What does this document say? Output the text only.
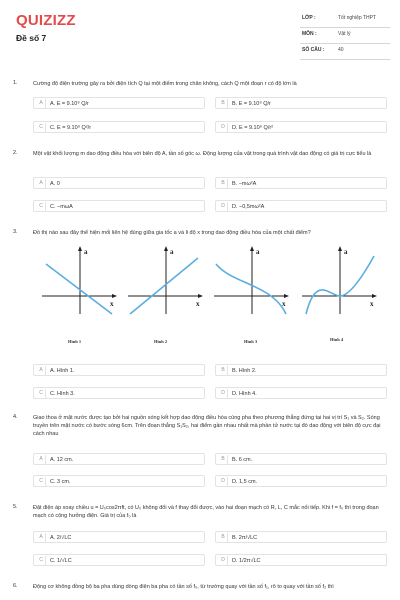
QUIZIZZ
Đề số 7
LỚP :	Tốt nghiệp THPT
MÔN :	Vật lý
SỐ CÂU :	40
1.	Cường độ điện trường gây ra bởi điện tích Q tại một điểm trong chân không, cách Q một đoạn r có độ lớn là
A	A. E = 9.10⁹ Q/r	B	B. E = 9.10⁹ Q/r
C	C. E = 9.10⁹ Q²/r	D	D. E = 9.10⁹ Q/r²
2.	Một vật khối lượng m dao động điều hòa với biên độ A, tần số góc ω. Động lượng của vật trong quá trình vật dao động có giá trị cực tiểu là
A	A. 0	B	B. −mω²A
C	C. −mωA	D	D. −0,5mω²A
3.	Đồ thị nào sau đây thể hiện mối liên hệ đúng giữa gia tốc a và li độ x trong dao động điều hòa của một chất điểm?
a
x
Hình 1
a
x
Hình 2
a
x
Hình 3
a
x
Hình 4
A	A. Hình 1.	B	B. Hình 2.
C	C. Hình 3.	D	D. Hình 4.
4.	Giao thoa ở mặt nước được tạo bởi hai nguồn sóng kết hợp dao động điều hòa cùng pha theo phương thẳng đứng tại hai vị trí S₁ và S₂. Sóng truyền trên mặt nước có bước sóng 6cm. Trên đoạn thẳng S₁S₂, hai điểm gần nhau nhất mà phần tử nước tại đó dao động với biên độ cực đại cách nhau
A	A. 12 cm.	B	B. 6 cm.
C	C. 3 cm.	D	D. 1,5 cm.
5.	Đặt điện áp xoay chiều u = U₀cos2πft, có U₀ không đổi và f thay đổi được, vào hai đoạn mạch có R, L, C mắc nối tiếp. Khi f = f₀ thì trong đoạn mạch có cộng hưởng điện. Giá trị của f₀ là
A	A. 2/√LC	B	B. 2π/√LC
C	C. 1/√LC	D	D. 1/2π√LC
6.	Động cơ không đồng bộ ba pha dùng dòng điện ba pha có tần số f₀, từ trường quay với tần số f₁, rô to quay với tần số f₂ thì
